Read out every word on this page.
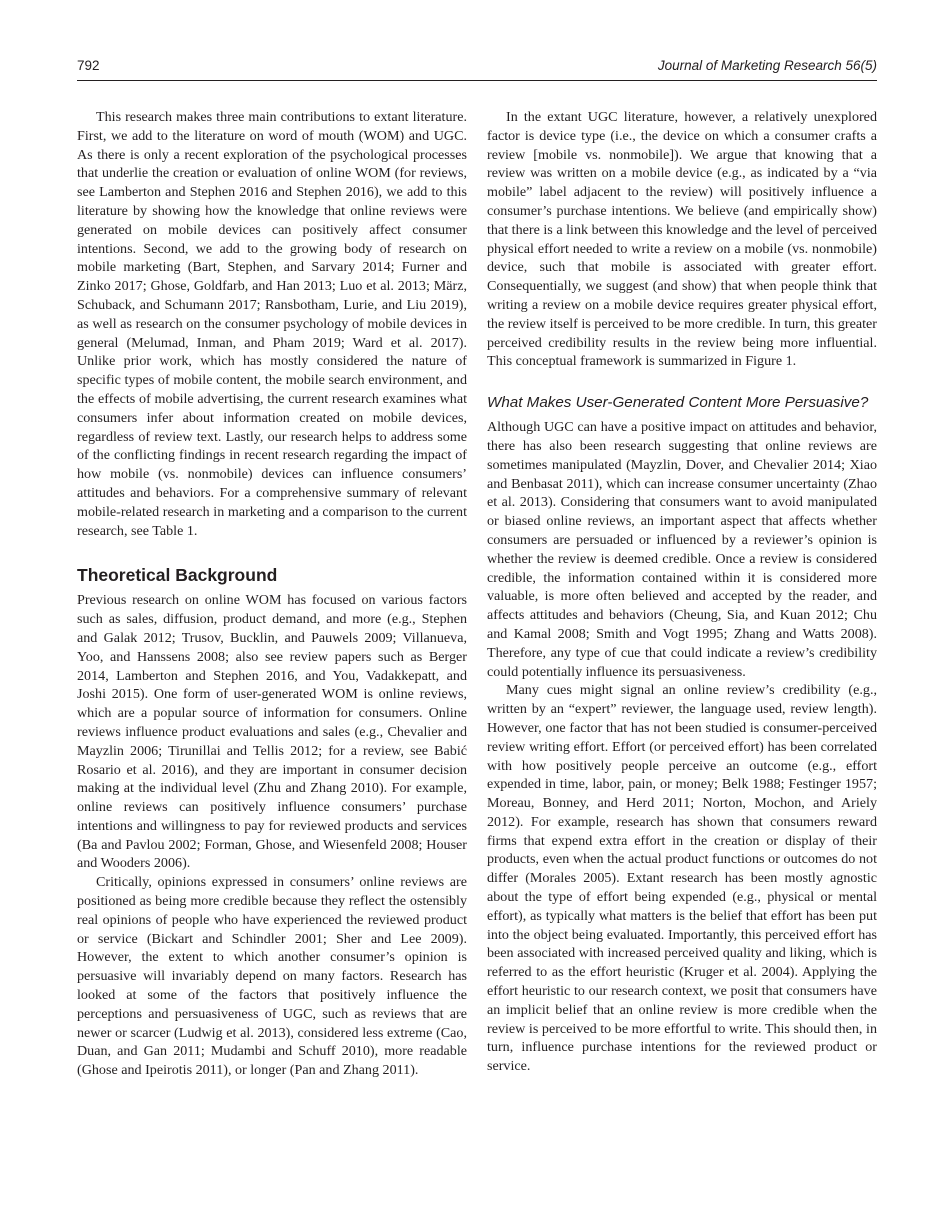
792	Journal of Marketing Research 56(5)

This research makes three main contributions to extant literature. First, we add to the literature on word of mouth (WOM) and UGC. As there is only a recent exploration of the psychological processes that underlie the creation or evaluation of online WOM (for reviews, see Lamberton and Stephen 2016 and Stephen 2016), we add to this literature by showing how the knowledge that online reviews were generated on mobile devices can positively affect consumer intentions. Second, we add to the growing body of research on mobile marketing (Bart, Stephen, and Sarvary 2014; Furner and Zinko 2017; Ghose, Goldfarb, and Han 2013; Luo et al. 2013; März, Schuback, and Schumann 2017; Ransbotham, Lurie, and Liu 2019), as well as research on the consumer psychology of mobile devices in general (Melumad, Inman, and Pham 2019; Ward et al. 2017). Unlike prior work, which has mostly considered the nature of specific types of mobile content, the mobile search environment, and the effects of mobile advertising, the current research examines what consumers infer about information created on mobile devices, regardless of review text. Lastly, our research helps to address some of the conflicting findings in recent research regarding the impact of how mobile (vs. nonmobile) devices can influence consumers’ attitudes and behaviors. For a comprehensive summary of relevant mobile-related research in marketing and a comparison to the current research, see Table 1.

Theoretical Background

Previous research on online WOM has focused on various factors such as sales, diffusion, product demand, and more (e.g., Stephen and Galak 2012; Trusov, Bucklin, and Pauwels 2009; Villanueva, Yoo, and Hanssens 2008; also see review papers such as Berger 2014, Lamberton and Stephen 2016, and You, Vadakkepatt, and Joshi 2015). One form of user-generated WOM is online reviews, which are a popular source of information for consumers. Online reviews influence product evaluations and sales (e.g., Chevalier and Mayzlin 2006; Tirunillai and Tellis 2012; for a review, see Babić Rosario et al. 2016), and they are important in consumer decision making at the individual level (Zhu and Zhang 2010). For example, online reviews can positively influence consumers’ purchase intentions and willingness to pay for reviewed products and services (Ba and Pavlou 2002; Forman, Ghose, and Wiesenfeld 2008; Houser and Wooders 2006).

Critically, opinions expressed in consumers’ online reviews are positioned as being more credible because they reflect the ostensibly real opinions of people who have experienced the reviewed product or service (Bickart and Schindler 2001; Sher and Lee 2009). However, the extent to which another consumer’s opinion is persuasive will invariably depend on many factors. Research has looked at some of the factors that positively influence the perceptions and persuasiveness of UGC, such as reviews that are newer or scarcer (Ludwig et al. 2013), considered less extreme (Cao, Duan, and Gan 2011; Mudambi and Schuff 2010), more readable (Ghose and Ipeirotis 2011), or longer (Pan and Zhang 2011).

In the extant UGC literature, however, a relatively unexplored factor is device type (i.e., the device on which a consumer crafts a review [mobile vs. nonmobile]). We argue that knowing that a review was written on a mobile device (e.g., as indicated by a “via mobile” label adjacent to the review) will positively influence a consumer’s purchase intentions. We believe (and empirically show) that there is a link between this knowledge and the level of perceived physical effort needed to write a review on a mobile (vs. nonmobile) device, such that mobile is associated with greater effort. Consequentially, we suggest (and show) that when people think that writing a review on a mobile device requires greater physical effort, the review itself is perceived to be more credible. In turn, this greater perceived credibility results in the review being more influential. This conceptual framework is summarized in Figure 1.

What Makes User-Generated Content More Persuasive?

Although UGC can have a positive impact on attitudes and behavior, there has also been research suggesting that online reviews are sometimes manipulated (Mayzlin, Dover, and Chevalier 2014; Xiao and Benbasat 2011), which can increase consumer uncertainty (Zhao et al. 2013). Considering that consumers want to avoid manipulated or biased online reviews, an important aspect that affects whether consumers are persuaded or influenced by a reviewer’s opinion is whether the review is deemed credible. Once a review is considered credible, the information contained within it is considered more valuable, is more often believed and accepted by the reader, and affects attitudes and behaviors (Cheung, Sia, and Kuan 2012; Chu and Kamal 2008; Smith and Vogt 1995; Zhang and Watts 2008). Therefore, any type of cue that could indicate a review’s credibility could potentially influence its persuasiveness.

Many cues might signal an online review’s credibility (e.g., written by an “expert” reviewer, the language used, review length). However, one factor that has not been studied is consumer-perceived review writing effort. Effort (or perceived effort) has been correlated with how positively people perceive an outcome (e.g., effort expended in time, labor, pain, or money; Belk 1988; Festinger 1957; Moreau, Bonney, and Herd 2011; Norton, Mochon, and Ariely 2012). For example, research has shown that consumers reward firms that expend extra effort in the creation or display of their products, even when the actual product functions or outcomes do not differ (Morales 2005). Extant research has been mostly agnostic about the type of effort being expended (e.g., physical or mental effort), as typically what matters is the belief that effort has been put into the object being evaluated. Importantly, this perceived effort has been associated with increased perceived quality and liking, which is referred to as the effort heuristic (Kruger et al. 2004). Applying the effort heuristic to our research context, we posit that consumers have an implicit belief that an online review is more credible when the review is perceived to be more effortful to write. This should then, in turn, influence purchase intentions for the reviewed product or service.
